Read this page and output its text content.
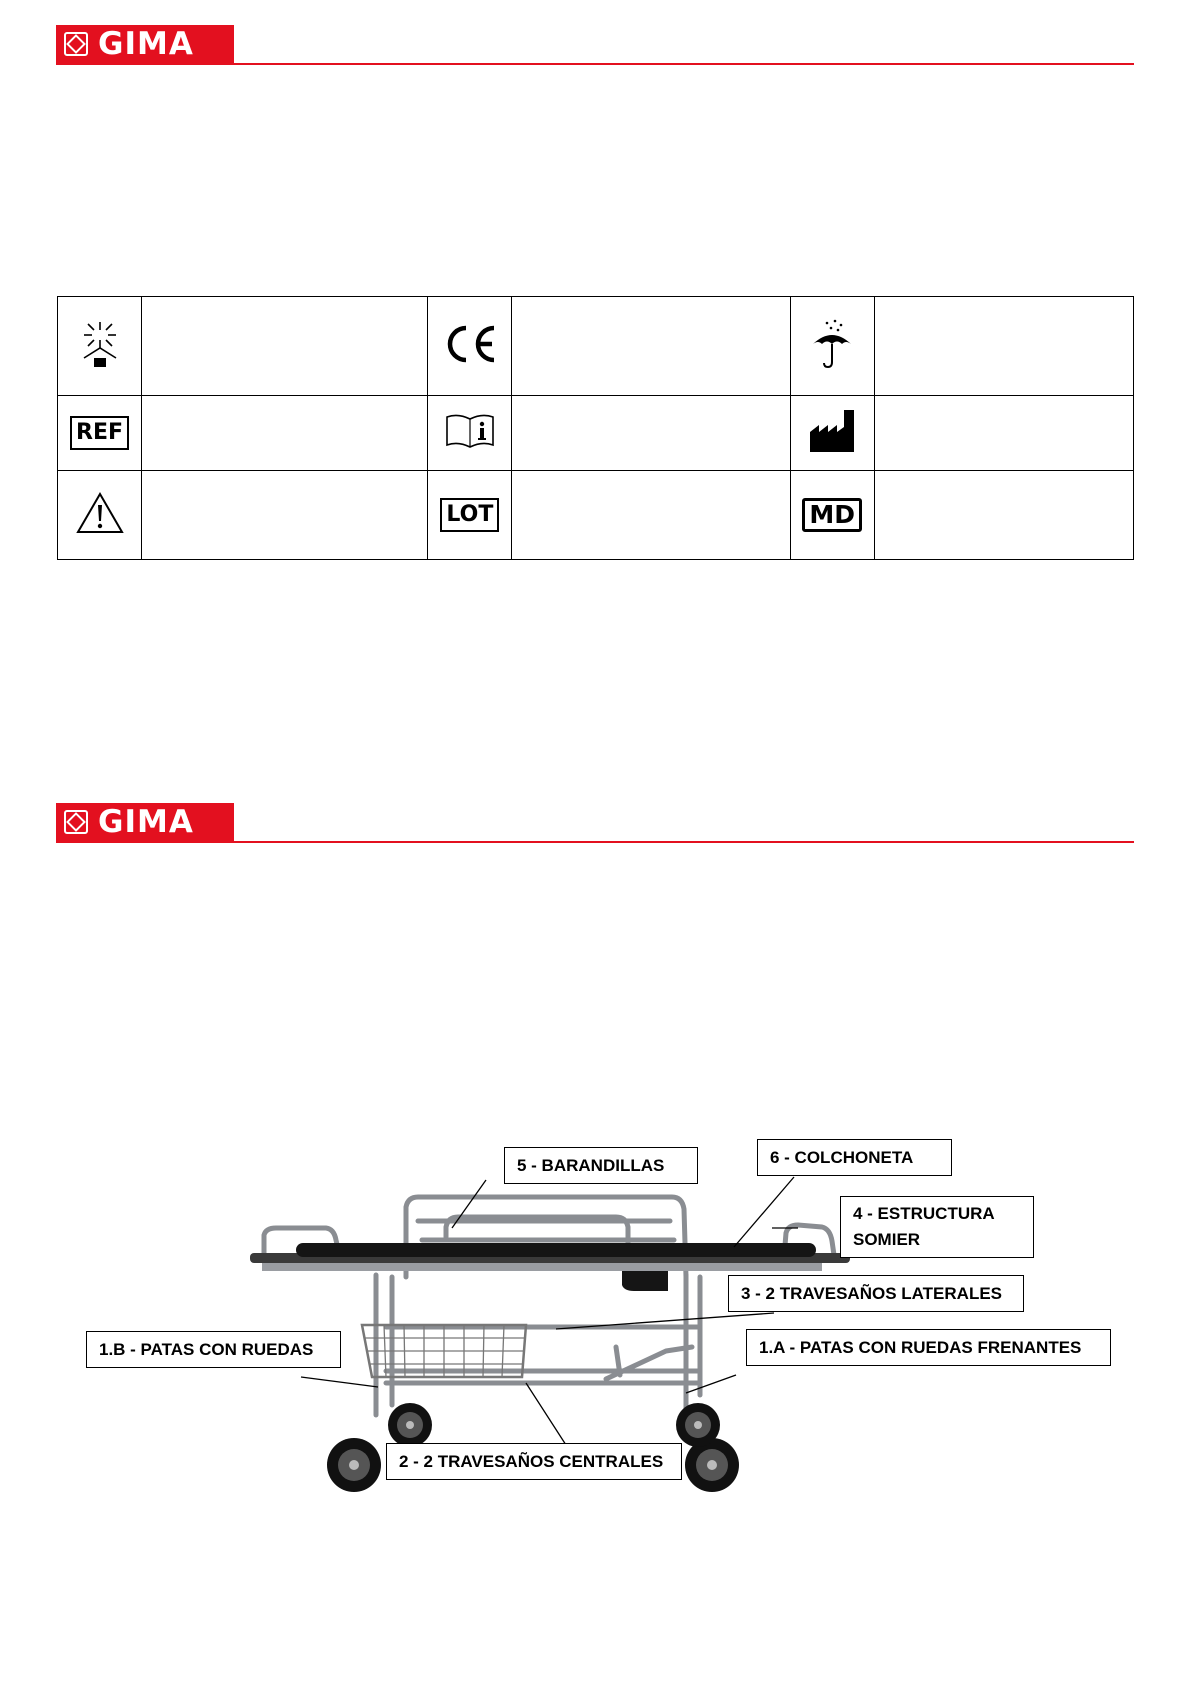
GIMA

REF					
		LOT		MD	
GIMA
5 - BARANDILLAS	6 - COLCHONETA
4 - ESTRUCTURA
SOMIER
3 - 2 TRAVESAÑOS LATERALES
1.B - PATAS CON RUEDAS	1.A - PATAS CON RUEDAS FRENANTES
2 - 2 TRAVESAÑOS CENTRALES
